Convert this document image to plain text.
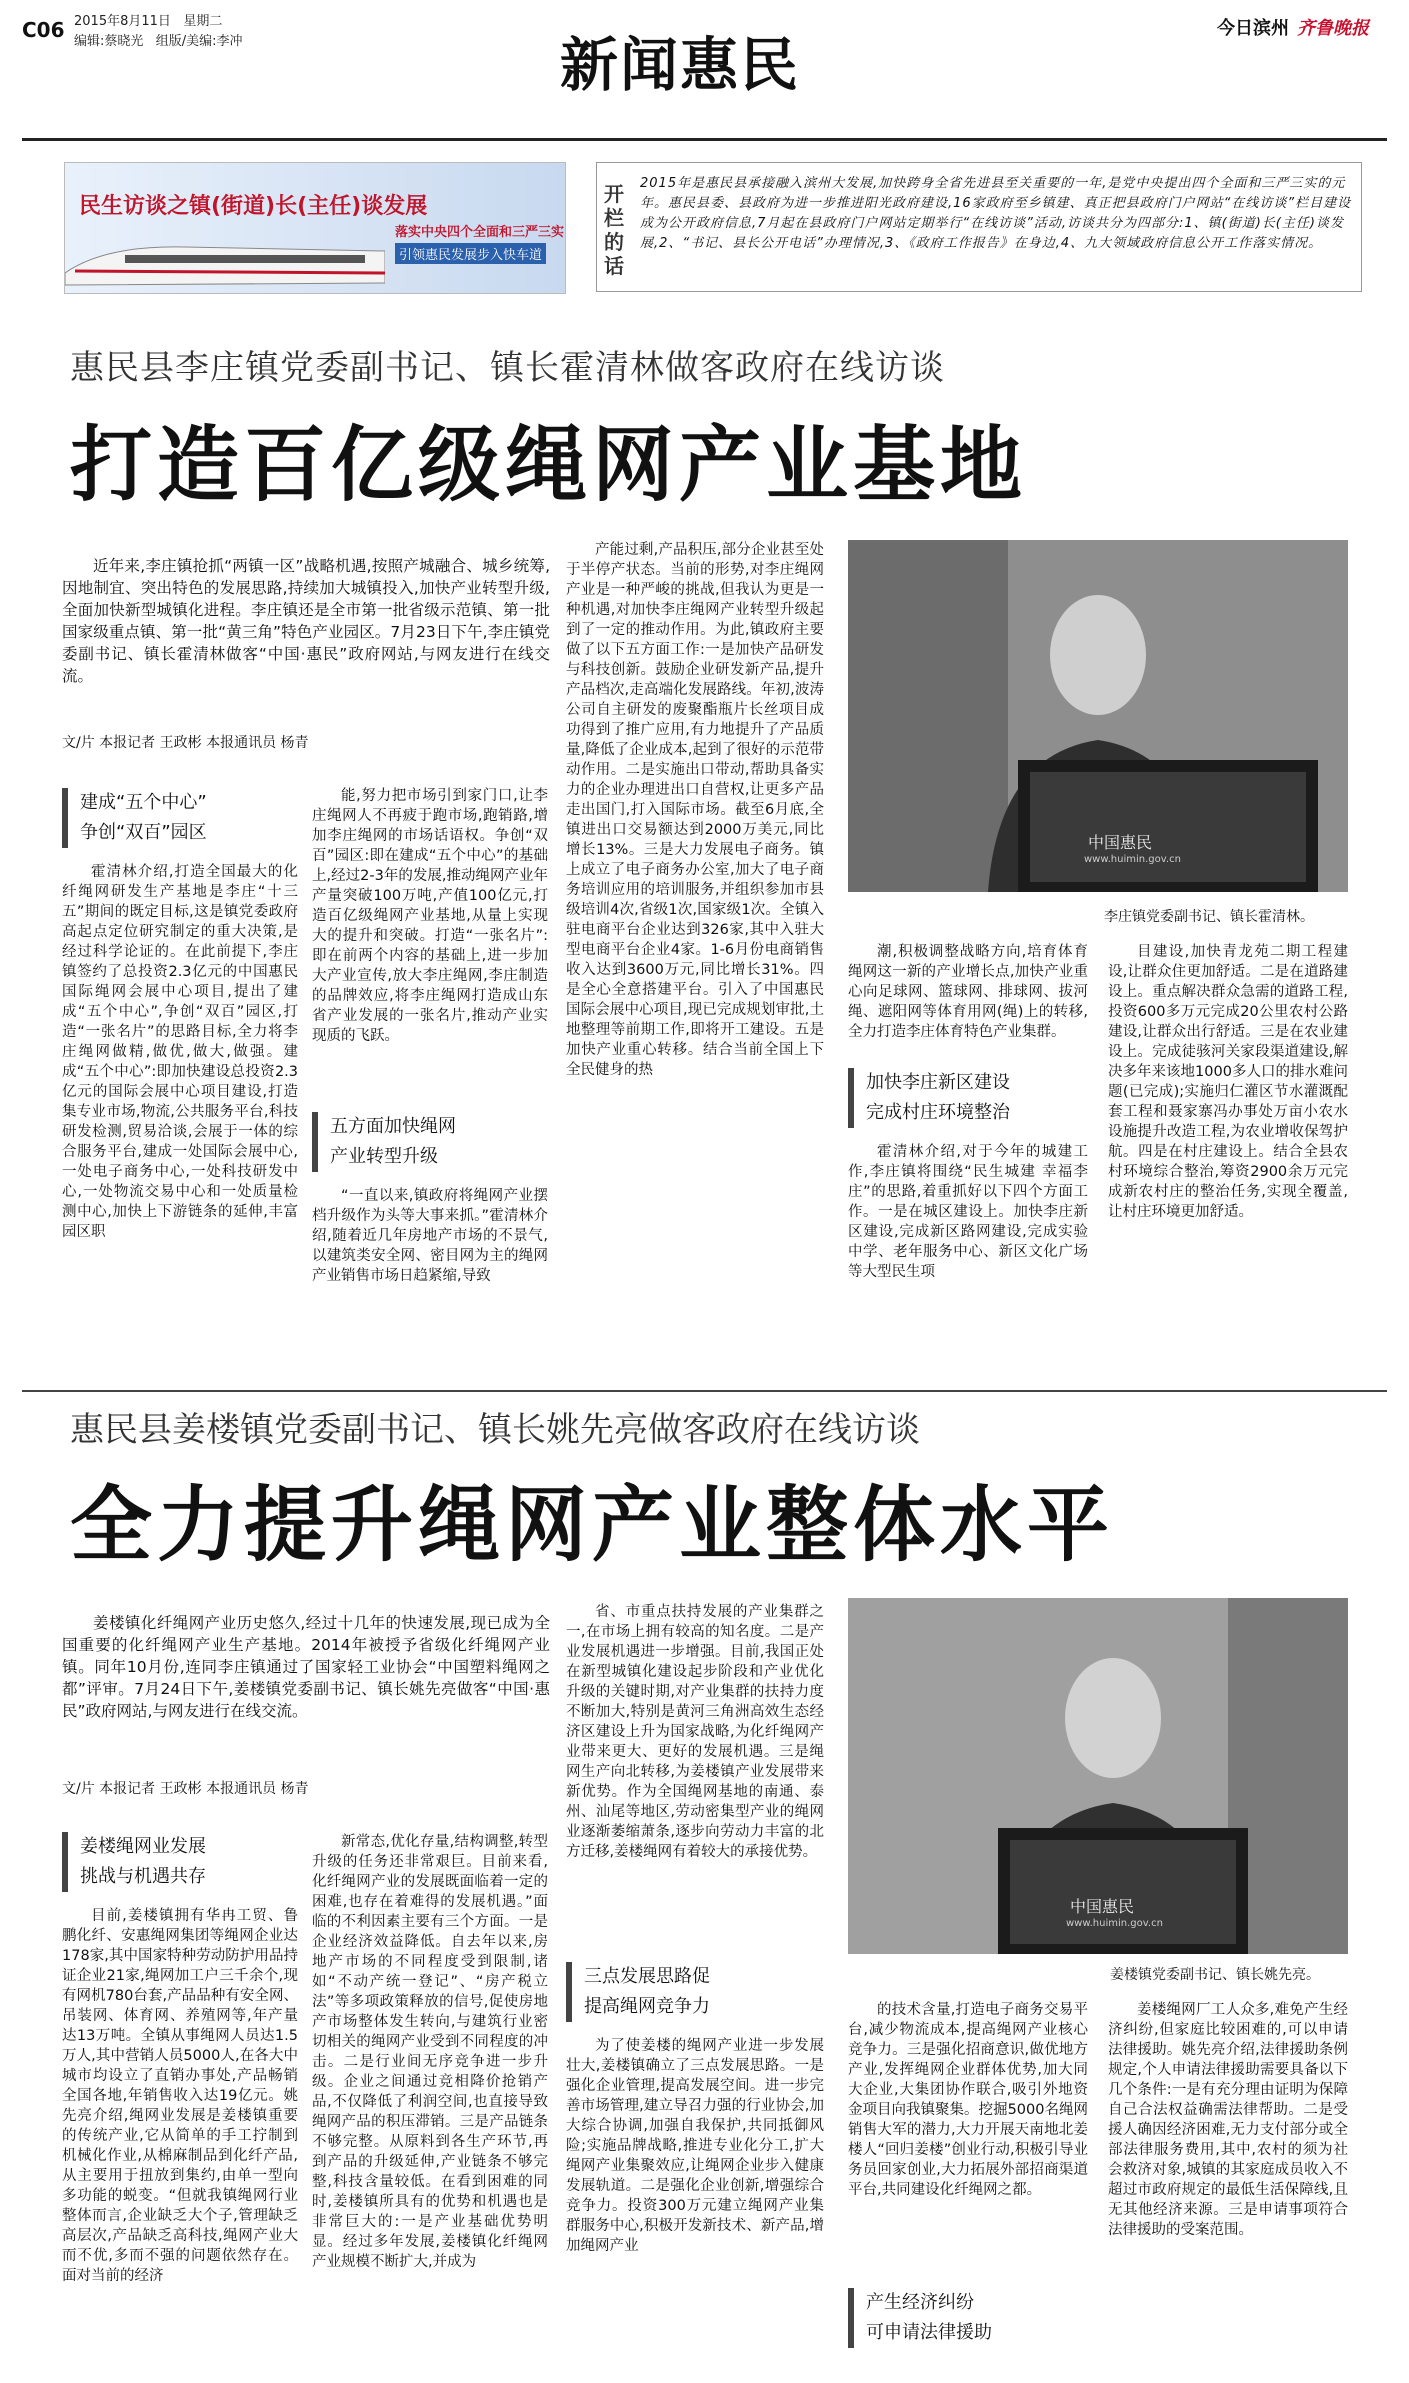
C06 2015年8月11日 星期二
编辑:蔡晓光 组版/美编:李冲	新闻惠民
今日滨州 齐鲁晚报
民生访谈之镇(街道)长(主任)谈发展
落实中央四个全面和三严三实
引领惠民发展步入快车道
开栏的话
2015年是惠民县承接融入滨州大发展,加快跨身全省先进县至关重要的一年,是党中央提出四个全面和三严三实的元年。惠民县委、县政府为进一步推进阳光政府建设,16家政府至乡镇建、真正把县政府门户网站“在线访谈”栏目建设成为公开政府信息,7月起在县政府门户网站定期举行“在线访谈”活动,访谈共分为四部分:1、镇(街道)长(主任)谈发展,2、“书记、县长公开电话”办理情况,3、《政府工作报告》在身边,4、九大领域政府信息公开工作落实情况。
惠民县李庄镇党委副书记、镇长霍清林做客政府在线访谈
打造百亿级绳网产业基地

近年来,李庄镇抢抓“两镇一区”战略机遇,按照产城融合、城乡统筹,因地制宜、突出特色的发展思路,持续加大城镇投入,加快产业转型升级,全面加快新型城镇化进程。李庄镇还是全市第一批省级示范镇、第一批国家级重点镇、第一批“黄三角”特色产业园区。7月23日下午,李庄镇党委副书记、镇长霍清林做客“中国·惠民”政府网站,与网友进行在线交流。

文/片 本报记者 王政彬 本报通讯员 杨青
建成“五个中心”
争创“双百”园区

霍清林介绍,打造全国最大的化纤绳网研发生产基地是李庄“十三五”期间的既定目标,这是镇党委政府高起点定位研究制定的重大决策,是经过科学论证的。在此前提下,李庄镇签约了总投资2.3亿元的中国惠民国际绳网会展中心项目,提出了建成“五个中心”,争创“双百”园区,打造“一张名片”的思路目标,全力将李庄绳网做精,做优,做大,做强。建成“五个中心”:即加快建设总投资2.3亿元的国际会展中心项目建设,打造集专业市场,物流,公共服务平台,科技研发检测,贸易洽谈,会展于一体的综合服务平台,建成一处国际会展中心,一处电子商务中心,一处科技研发中心,一处物流交易中心和一处质量检测中心,加快上下游链条的延伸,丰富园区职

能,努力把市场引到家门口,让李庄绳网人不再疲于跑市场,跑销路,增加李庄绳网的市场话语权。争创“双百”园区:即在建成“五个中心”的基础上,经过2-3年的发展,推动绳网产业年产量突破100万吨,产值100亿元,打造百亿级绳网产业基地,从量上实现大的提升和突破。打造“一张名片”:即在前两个内容的基础上,进一步加大产业宣传,放大李庄绳网,李庄制造的品牌效应,将李庄绳网打造成山东省产业发展的一张名片,推动产业实现质的飞跃。

五方面加快绳网
产业转型升级

“一直以来,镇政府将绳网产业摆档升级作为头等大事来抓。”霍清林介绍,随着近几年房地产市场的不景气,以建筑类安全网、密目网为主的绳网产业销售市场日趋紧缩,导致

产能过剩,产品积压,部分企业甚至处于半停产状态。当前的形势,对李庄绳网产业是一种严峻的挑战,但我认为更是一种机遇,对加快李庄绳网产业转型升级起到了一定的推动作用。为此,镇政府主要做了以下五方面工作:一是加快产品研发与科技创新。鼓励企业研发新产品,提升产品档次,走高端化发展路线。年初,波涛公司自主研发的废聚酯瓶片长丝项目成功得到了推广应用,有力地提升了产品质量,降低了企业成本,起到了很好的示范带动作用。二是实施出口带动,帮助具备实力的企业办理进出口自营权,让更多产品走出国门,打入国际市场。截至6月底,全镇进出口交易额达到2000万美元,同比增长13%。三是大力发展电子商务。镇上成立了电子商务办公室,加大了电子商务培训应用的培训服务,并组织参加市县级培训4次,省级1次,国家级1次。全镇入驻电商平台企业达到326家,其中入驻大型电商平台企业4家。1-6月份电商销售收入达到3600万元,同比增长31%。四是全心全意搭建平台。引入了中国惠民国际会展中心项目,现已完成规划审批,土地整理等前期工作,即将开工建设。五是加快产业重心转移。结合当前全国上下全民健身的热

中国惠民
www.huimin.gov.cn
李庄镇党委副书记、镇长霍清林。

潮,积极调整战略方向,培育体育绳网这一新的产业增长点,加快产业重心向足球网、篮球网、排球网、拔河绳、遮阳网等体育用网(绳)上的转移,全力打造李庄体育特色产业集群。

加快李庄新区建设
完成村庄环境整治

霍清林介绍,对于今年的城建工作,李庄镇将围绕“民生城建 幸福李庄”的思路,着重抓好以下四个方面工作。一是在城区建设上。加快李庄新区建设,完成新区路网建设,完成实验中学、老年服务中心、新区文化广场等大型民生项

目建设,加快青龙苑二期工程建设,让群众住更加舒适。二是在道路建设上。重点解决群众急需的道路工程,投资600多万元完成20公里农村公路建设,让群众出行舒适。三是在农业建设上。完成徒骇河关家段渠道建设,解决多年来该地1000多人口的排水难问题(已完成);实施归仁灌区节水灌溉配套工程和聂家寨冯办事处万亩小农水设施提升改造工程,为农业增收保驾护航。四是在村庄建设上。结合全县农村环境综合整治,筹资2900余万元完成新农村庄的整治任务,实现全覆盖,让村庄环境更加舒适。

惠民县姜楼镇党委副书记、镇长姚先亮做客政府在线访谈
全力提升绳网产业整体水平

姜楼镇化纤绳网产业历史悠久,经过十几年的快速发展,现已成为全国重要的化纤绳网产业生产基地。2014年被授予省级化纤绳网产业镇。同年10月份,连同李庄镇通过了国家轻工业协会“中国塑料绳网之都”评审。7月24日下午,姜楼镇党委副书记、镇长姚先亮做客“中国·惠民”政府网站,与网友进行在线交流。

文/片 本报记者 王政彬 本报通讯员 杨青
姜楼绳网业发展
挑战与机遇共存

目前,姜楼镇拥有华冉工贸、鲁鹏化纤、安惠绳网集团等绳网企业达178家,其中国家特种劳动防护用品持证企业21家,绳网加工户三千余个,现有网机780台套,产品品种有安全网、吊装网、体育网、养殖网等,年产量达13万吨。全镇从事绳网人员达1.5万人,其中营销人员5000人,在各大中城市均设立了直销办事处,产品畅销全国各地,年销售收入达19亿元。姚先亮介绍,绳网业发展是姜楼镇重要的传统产业,它从简单的手工拧制到机械化作业,从棉麻制品到化纤产品,从主要用于扭放到集约,由单一型向多功能的蜕变。“但就我镇绳网行业整体而言,企业缺乏大个子,管理缺乏高层次,产品缺乏高科技,绳网产业大而不优,多而不强的问题依然存在。面对当前的经济

新常态,优化存量,结构调整,转型升级的任务还非常艰巨。目前来看,化纤绳网产业的发展既面临着一定的困难,也存在着难得的发展机遇。”面临的不利因素主要有三个方面。一是企业经济效益降低。自去年以来,房地产市场的不同程度受到限制,诸如“不动产统一登记”、“房产税立法”等多项政策释放的信号,促使房地产市场整体发生转向,与建筑行业密切相关的绳网产业受到不同程度的冲击。二是行业间无序竞争进一步升级。企业之间通过竞相降价抢销产品,不仅降低了利润空间,也直接导致绳网产品的积压滞销。三是产品链条不够完整。从原料到各生产环节,再到产品的升级延伸,产业链条不够完整,科技含量较低。在看到困难的同时,姜楼镇所具有的优势和机遇也是非常巨大的:一是产业基础优势明显。经过多年发展,姜楼镇化纤绳网产业规模不断扩大,并成为

省、市重点扶持发展的产业集群之一,在市场上拥有较高的知名度。二是产业发展机遇进一步增强。目前,我国正处在新型城镇化建设起步阶段和产业优化升级的关键时期,对产业集群的扶持力度不断加大,特别是黄河三角洲高效生态经济区建设上升为国家战略,为化纤绳网产业带来更大、更好的发展机遇。三是绳网生产向北转移,为姜楼镇产业发展带来新优势。作为全国绳网基地的南通、泰州、汕尾等地区,劳动密集型产业的绳网业逐渐萎缩萧条,逐步向劳动力丰富的北方迁移,姜楼绳网有着较大的承接优势。

三点发展思路促
提高绳网竞争力

为了使姜楼的绳网产业进一步发展壮大,姜楼镇确立了三点发展思路。一是强化企业管理,提高发展空间。进一步完善市场管理,建立导召力强的行业协会,加大综合协调,加强自我保护,共同抵御风险;实施品牌战略,推进专业化分工,扩大绳网产业集聚效应,让绳网企业步入健康发展轨道。二是强化企业创新,增强综合竞争力。投资300万元建立绳网产业集群服务中心,积极开发新技术、新产品,增加绳网产业

中国惠民
www.huimin.gov.cn
姜楼镇党委副书记、镇长姚先亮。

的技术含量,打造电子商务交易平台,减少物流成本,提高绳网产业核心竞争力。三是强化招商意识,做优地方产业,发挥绳网企业群体优势,加大同大企业,大集团协作联合,吸引外地资金项目向我镇聚集。挖掘5000名绳网销售大军的潜力,大力开展天南地北姜楼人“回归姜楼”创业行动,积极引导业务员回家创业,大力拓展外部招商渠道平台,共同建设化纤绳网之都。

产生经济纠纷
可申请法律援助

姜楼绳网厂工人众多,难免产生经济纠纷,但家庭比较困难的,可以申请法律援助。姚先亮介绍,法律援助条例规定,个人申请法律援助需要具备以下几个条件:一是有充分理由证明为保障自己合法权益确需法律帮助。二是受援人确因经济困难,无力支付部分或全部法律服务费用,其中,农村的须为社会救济对象,城镇的其家庭成员收入不超过市政府规定的最低生活保障线,且无其他经济来源。三是申请事项符合法律援助的受案范围。
